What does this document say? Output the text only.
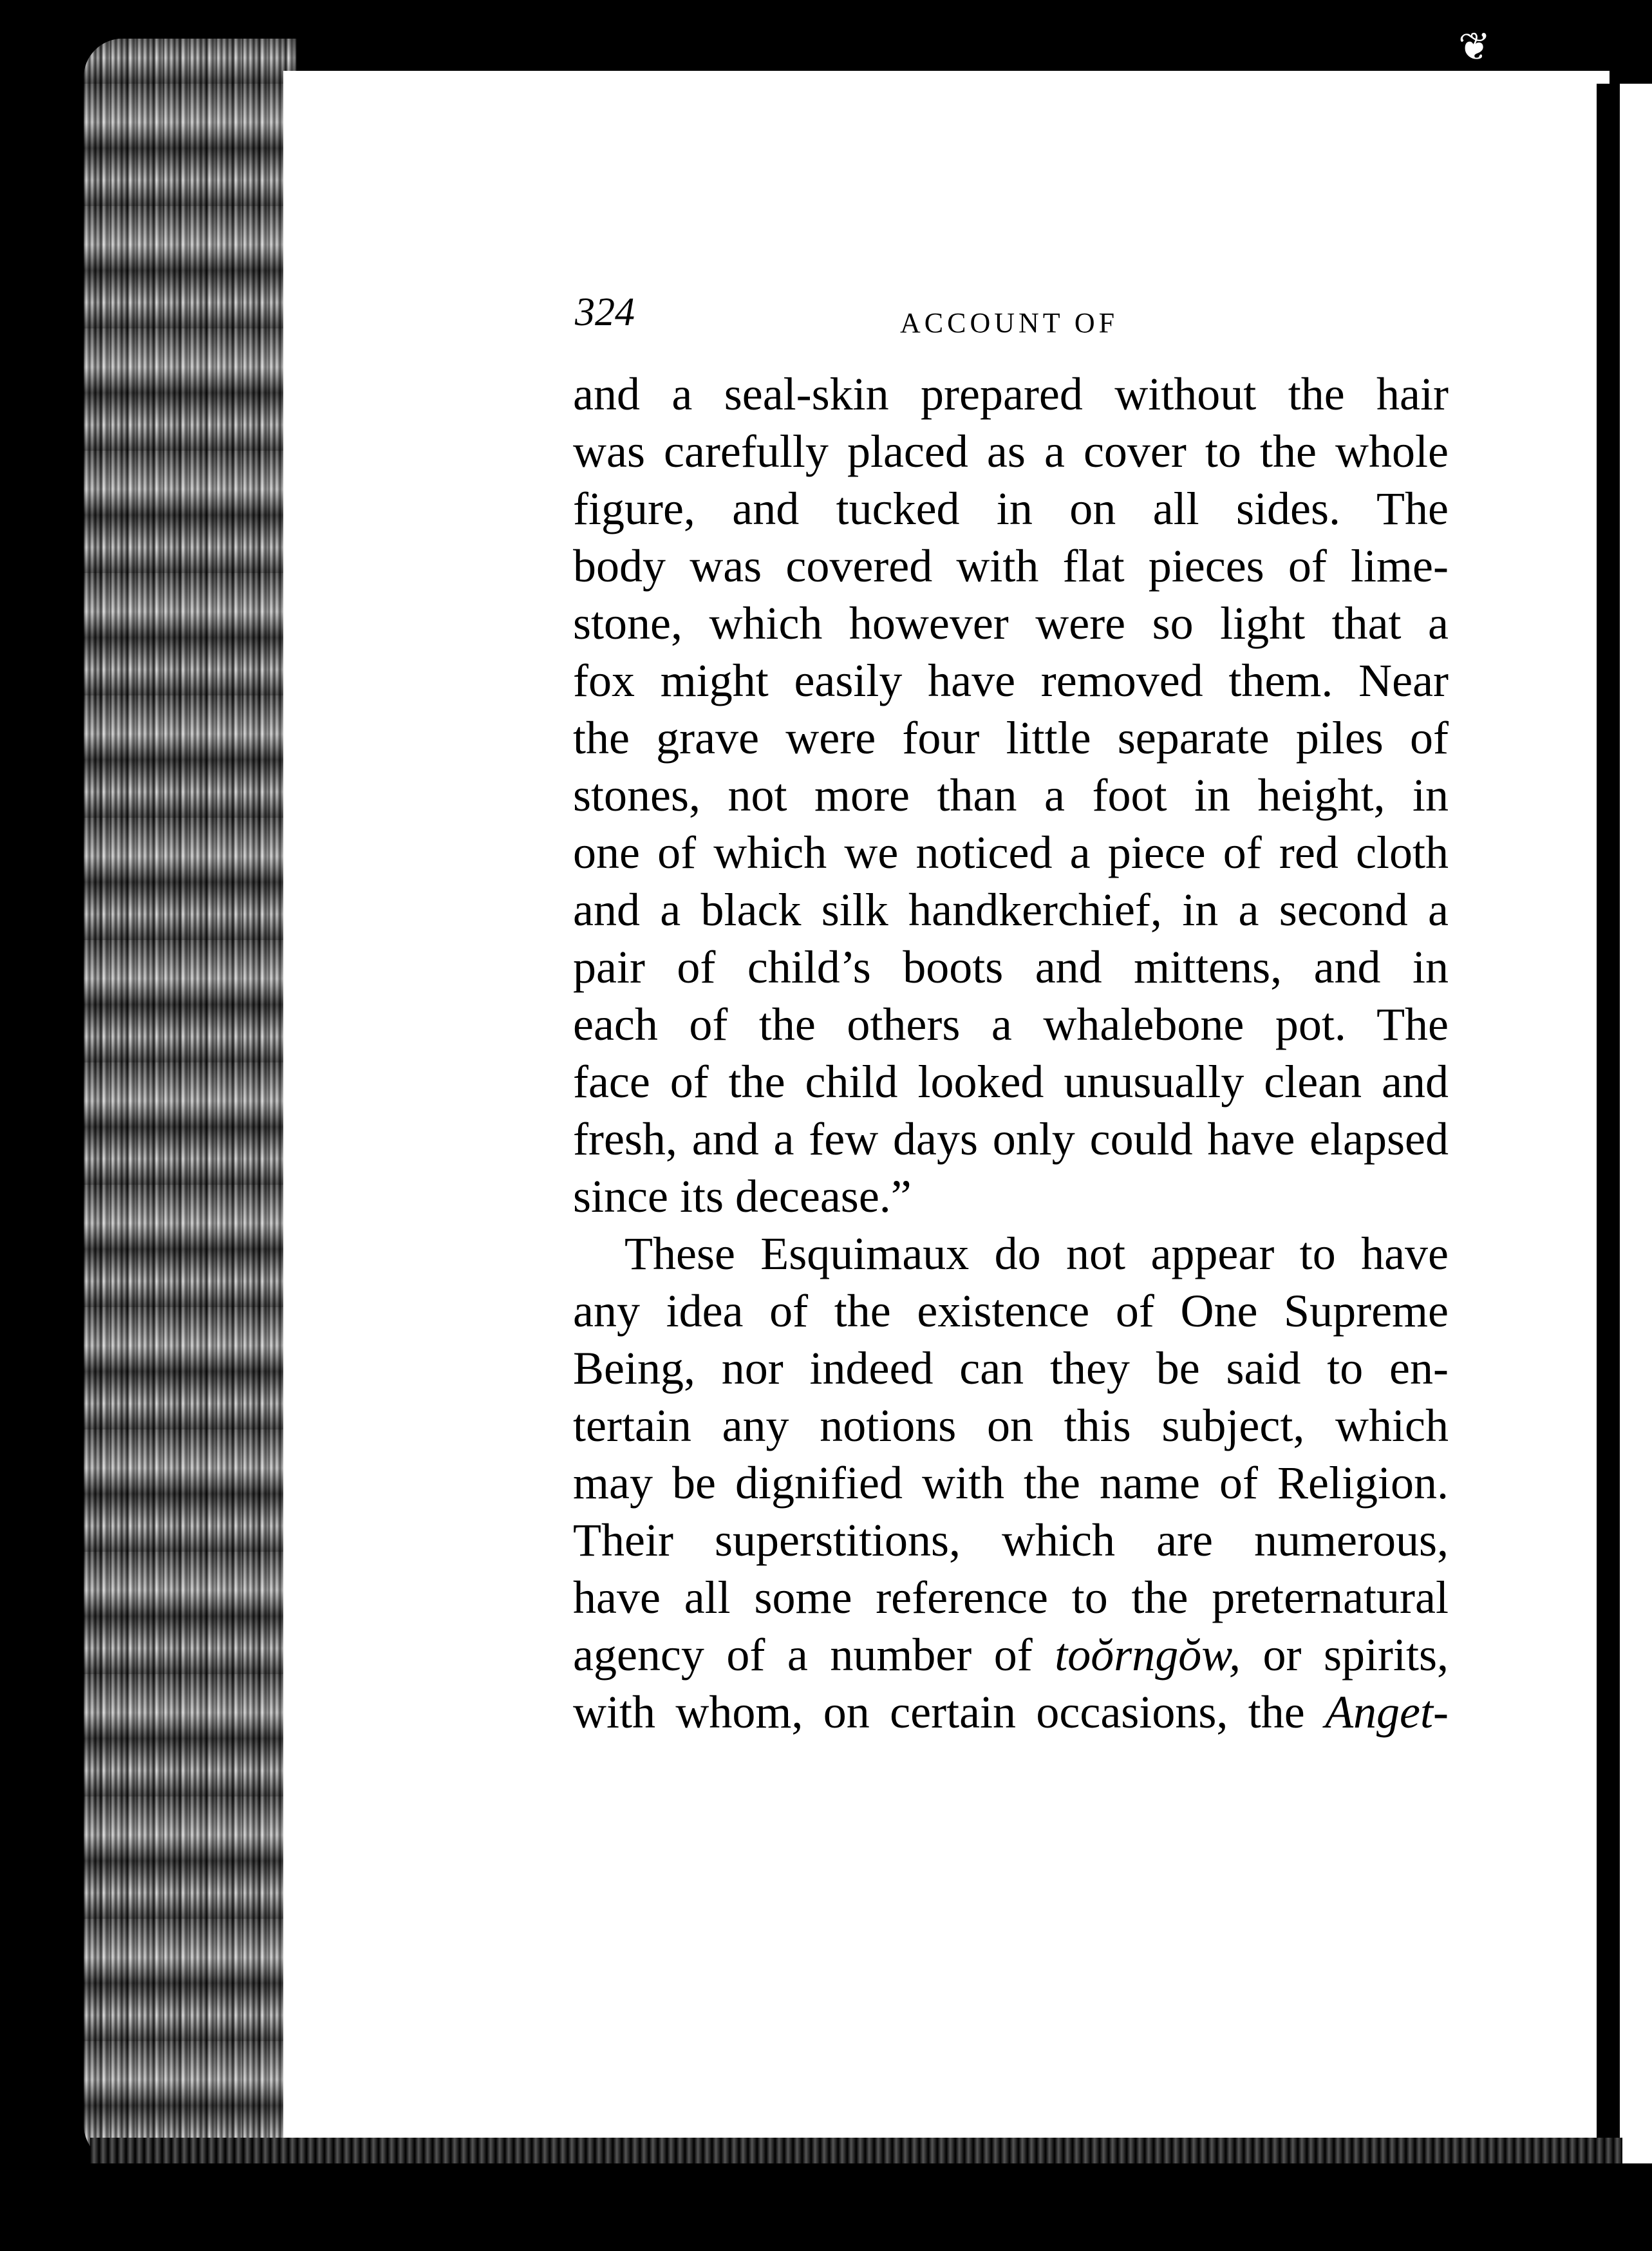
❦
324	ACCOUNT OF
and a seal-skin prepared without the hair
was carefully placed as a cover to the whole
figure, and tucked in on all sides. The
body was covered with flat pieces of lime-
stone, which however were so light that a
fox might easily have removed them. Near
the grave were four little separate piles of
stones, not more than a foot in height, in
one of which we noticed a piece of red cloth
and a black silk handkerchief, in a second a
pair of child’s boots and mittens, and in
each of the others a whalebone pot. The
face of the child looked unusually clean and
fresh, and a few days only could have elapsed
since its decease.”
These Esquimaux do not appear to have
any idea of the existence of One Supreme
Being, nor indeed can they be said to en-
tertain any notions on this subject, which
may be dignified with the name of Religion.
Their superstitions, which are numerous,
have all some reference to the preternatural
agency of a number of toŏrngŏw, or spirits,
with whom, on certain occasions, the Anget-
